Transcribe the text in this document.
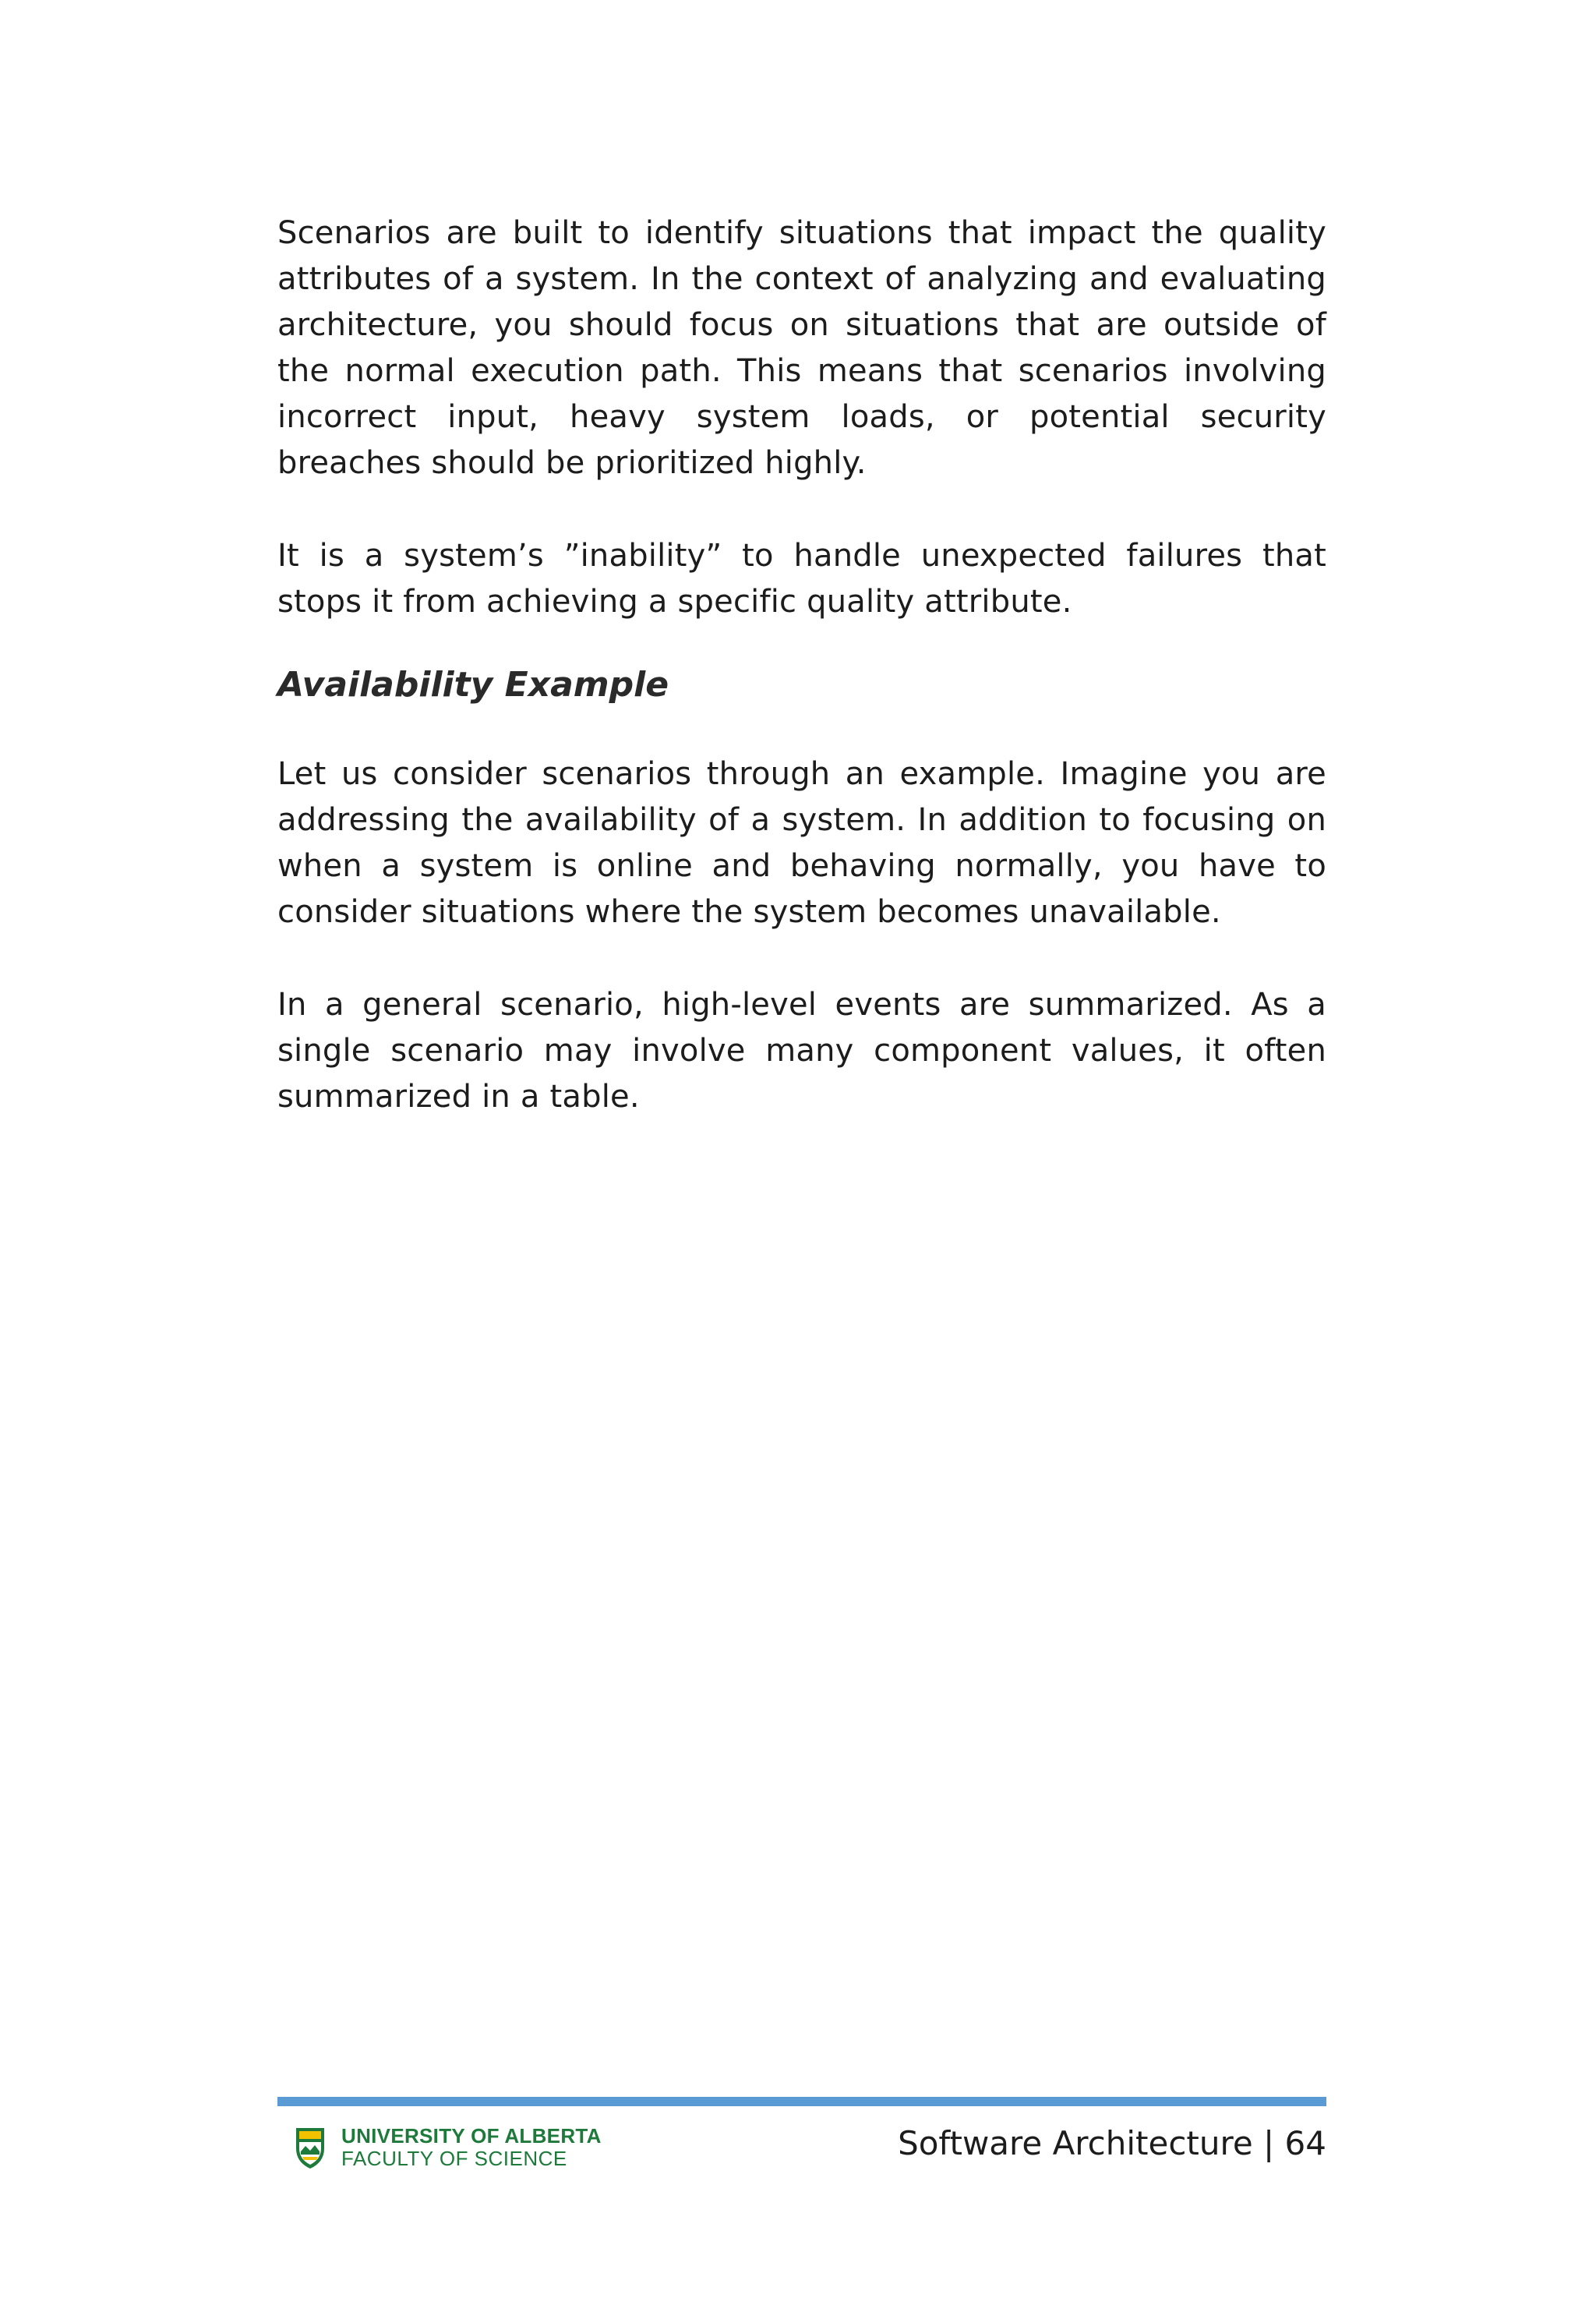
Scenarios are built to identify situations that impact the quality attributes of a system. In the context of analyzing and evaluating architecture, you should focus on situations that are outside of the normal execution path. This means that scenarios involving incorrect input, heavy system loads, or potential security breaches should be prioritized highly.

It is a system’s ”inability” to handle unexpected failures that stops it from achieving a specific quality attribute.

Availability Example

Let us consider scenarios through an example. Imagine you are addressing the availability of a system. In addition to focusing on when a system is online and behaving normally, you have to consider situations where the system becomes unavailable.

In a general scenario, high-level events are summarized. As a single scenario may involve many component values, it often summarized in a table.

UNIVERSITY OF ALBERTA
FACULTY OF SCIENCE	Software Architecture | 64
